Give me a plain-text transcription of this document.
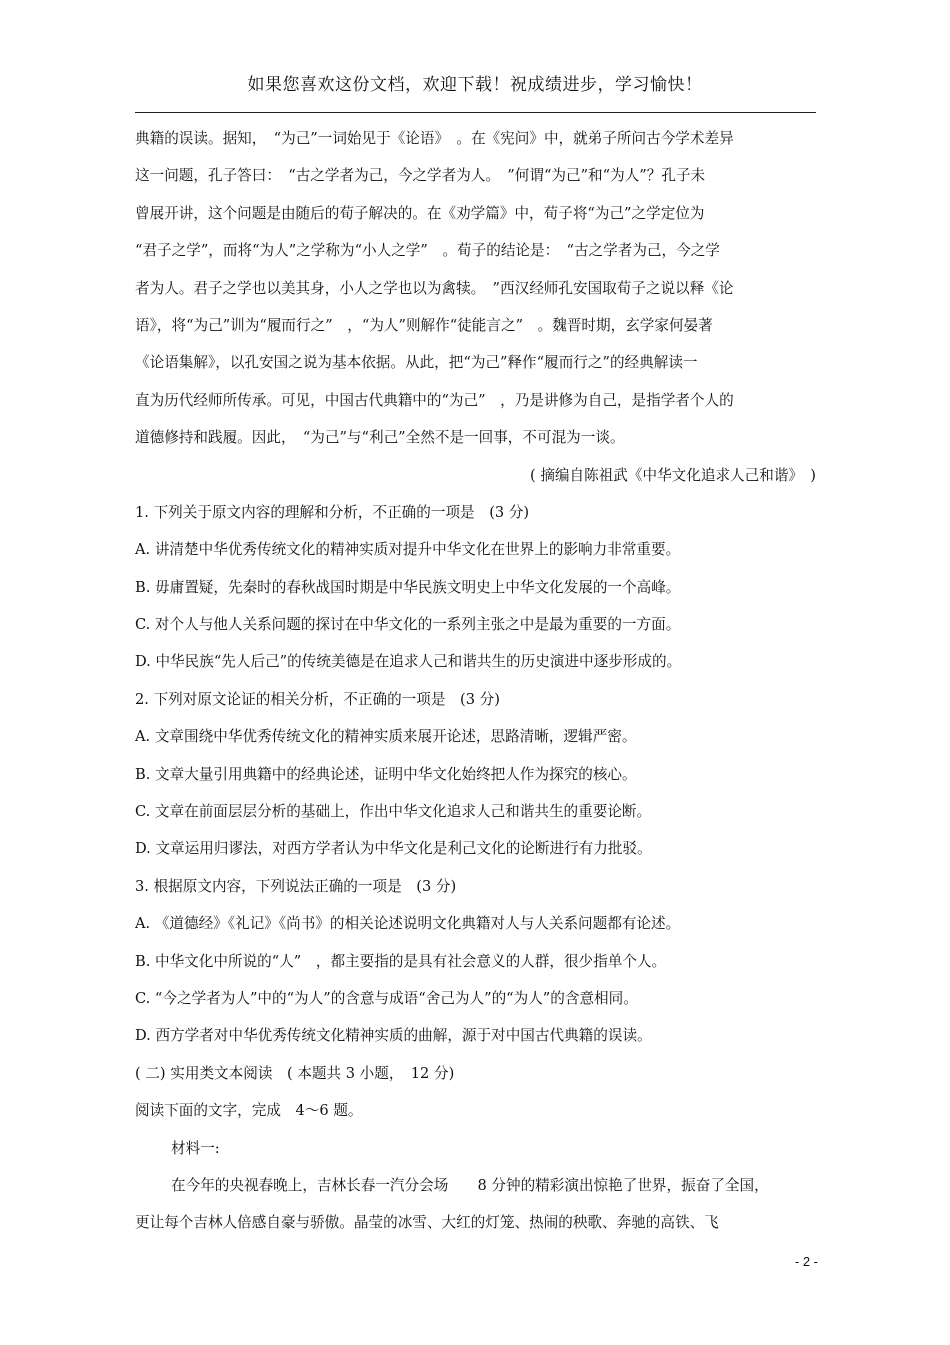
如果您喜欢这份文档，欢迎下载！祝成绩进步，学习愉快！
典籍的误读。据知，　“为己”一词始见于《论语》　。在《宪问》中，就弟子所问古今学术差异
这一问题，孔子答曰：　“古之学者为己，今之学者为人。　”何谓“为己”和“为人”？孔子未
曾展开讲，这个问题是由随后的荀子解决的。在《劝学篇》中，荀子将“为己”之学定位为
“君子之学”，而将“为人”之学称为“小人之学”　。荀子的结论是：　“古之学者为己，今之学
者为人。君子之学也以美其身，小人之学也以为禽犊。　”西汉经师孔安国取荀子之说以释《论
语》，将“为己”训为“履而行之”　，“为人”则解作“徒能言之”　。魏晋时期，玄学家何晏著
《论语集解》，以孔安国之说为基本依据。从此，把“为己”释作“履而行之”的经典解读一
直为历代经师所传承。可见，中国古代典籍中的“为己”　，乃是讲修为自己，是指学者个人的
道德修持和践履。因此，　“为己”与“利己”全然不是一回事，不可混为一谈。
( 摘编自陈祖武《中华文化追求人己和谐》　)
1. 下列关于原文内容的理解和分析，不正确的一项是　(3 分)
A. 讲清楚中华优秀传统文化的精神实质对提升中华文化在世界上的影响力非常重要。
B. 毋庸置疑，先秦时的春秋战国时期是中华民族文明史上中华文化发展的一个高峰。
C. 对个人与他人关系问题的探讨在中华文化的一系列主张之中是最为重要的一方面。
D. 中华民族“先人后己”的传统美德是在追求人己和谐共生的历史演进中逐步形成的。
2. 下列对原文论证的相关分析，不正确的一项是　(3 分)
A. 文章围绕中华优秀传统文化的精神实质来展开论述，思路清晰，逻辑严密。
B. 文章大量引用典籍中的经典论述，证明中华文化始终把人作为探究的核心。
C. 文章在前面层层分析的基础上，作出中华文化追求人己和谐共生的重要论断。
D. 文章运用归谬法，对西方学者认为中华文化是利己文化的论断进行有力批驳。
3. 根据原文内容，下列说法正确的一项是　(3 分)
A. 《道德经》《礼记》《尚书》的相关论述说明文化典籍对人与人关系问题都有论述。
B. 中华文化中所说的“人”　，都主要指的是具有社会意义的人群，很少指单个人。
C. “今之学者为人”中的“为人”的含意与成语“舍己为人”的“为人”的含意相同。
D. 西方学者对中华优秀传统文化精神实质的曲解，源于对中国古代典籍的误读。
( 二) 实用类文本阅读　( 本题共 3 小题，　12 分)
阅读下面的文字，完成　4～6 题。
材料一:
在今年的央视春晚上，吉林长春一汽分会场　　8 分钟的精彩演出惊艳了世界，振奋了全国，
更让每个吉林人倍感自豪与骄傲。晶莹的冰雪、大红的灯笼、热闹的秧歌、奔驰的高铁、飞
- 2 -
